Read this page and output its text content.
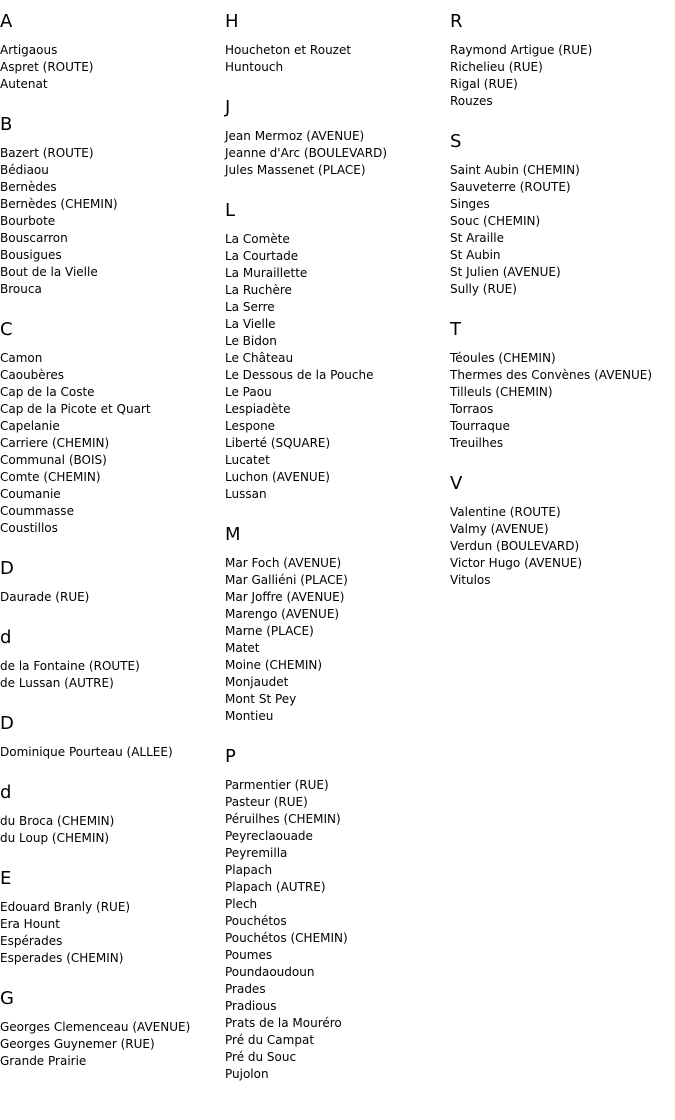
A
Artigaous
Aspret (ROUTE)
Autenat
B
Bazert (ROUTE)
Bédiaou
Bernèdes
Bernèdes (CHEMIN)
Bourbote
Bouscarron
Bousigues
Bout de la Vielle
Brouca
C
Camon
Caoubères
Cap de la Coste
Cap de la Picote et Quart
Capelanie
Carriere (CHEMIN)
Communal (BOIS)
Comte (CHEMIN)
Coumanie
Coummasse
Coustillos
D
Daurade (RUE)
d
de la Fontaine (ROUTE)
de Lussan (AUTRE)
D
Dominique Pourteau (ALLEE)
d
du Broca (CHEMIN)
du Loup (CHEMIN)
E
Edouard Branly (RUE)
Era Hount
Espérades
Esperades (CHEMIN)
G
Georges Clemenceau (AVENUE)
Georges Guynemer (RUE)
Grande Prairie
H
Houcheton et Rouzet
Huntouch
J
Jean Mermoz (AVENUE)
Jeanne d'Arc (BOULEVARD)
Jules Massenet (PLACE)
L
La Comète
La Courtade
La Muraillette
La Ruchère
La Serre
La Vielle
Le Bidon
Le Château
Le Dessous de la Pouche
Le Paou
Lespiadète
Lespone
Liberté (SQUARE)
Lucatet
Luchon (AVENUE)
Lussan
M
Mar Foch (AVENUE)
Mar Galliéni (PLACE)
Mar Joffre (AVENUE)
Marengo (AVENUE)
Marne (PLACE)
Matet
Moine (CHEMIN)
Monjaudet
Mont St Pey
Montieu
P
Parmentier (RUE)
Pasteur (RUE)
Péruilhes (CHEMIN)
Peyreclaouade
Peyremilla
Plapach
Plapach (AUTRE)
Plech
Pouchétos
Pouchétos (CHEMIN)
Poumes
Poundaoudoun
Prades
Pradious
Prats de la Mouréro
Pré du Campat
Pré du Souc
Pujolon
R
Raymond Artigue (RUE)
Richelieu (RUE)
Rigal (RUE)
Rouzes
S
Saint Aubin (CHEMIN)
Sauveterre (ROUTE)
Singes
Souc (CHEMIN)
St Araille
St Aubin
St Julien (AVENUE)
Sully (RUE)
T
Téoules (CHEMIN)
Thermes des Convènes (AVENUE)
Tilleuls (CHEMIN)
Torraos
Tourraque
Treuilhes
V
Valentine (ROUTE)
Valmy (AVENUE)
Verdun (BOULEVARD)
Victor Hugo (AVENUE)
Vitulos
